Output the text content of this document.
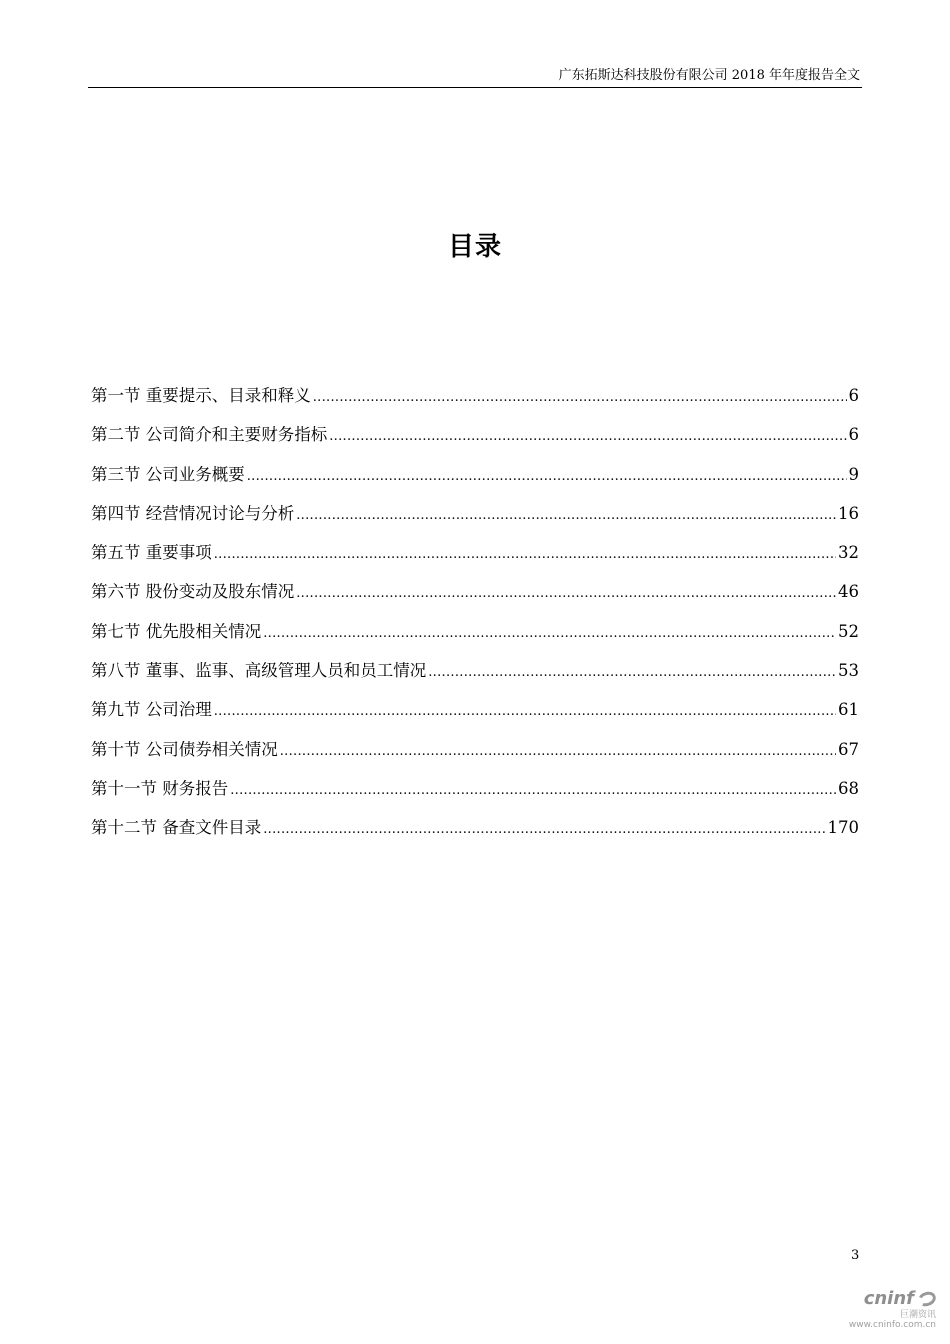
广东拓斯达科技股份有限公司 2018 年年度报告全文
目录
第一节 重要提示、目录和释义 .....	6
第二节 公司简介和主要财务指标 .....	6
第三节 公司业务概要 .....	9
第四节 经营情况讨论与分析 .....	16
第五节 重要事项 .....	32
第六节 股份变动及股东情况 .....	46
第七节 优先股相关情况 .....	52
第八节 董事、监事、高级管理人员和员工情况 .....	53
第九节 公司治理 .....	61
第十节 公司债券相关情况 .....	67
第十一节 财务报告 .....	68
第十二节 备查文件目录 .....	170
3
cninf
巨潮资讯
www.cninfo.com.cn
